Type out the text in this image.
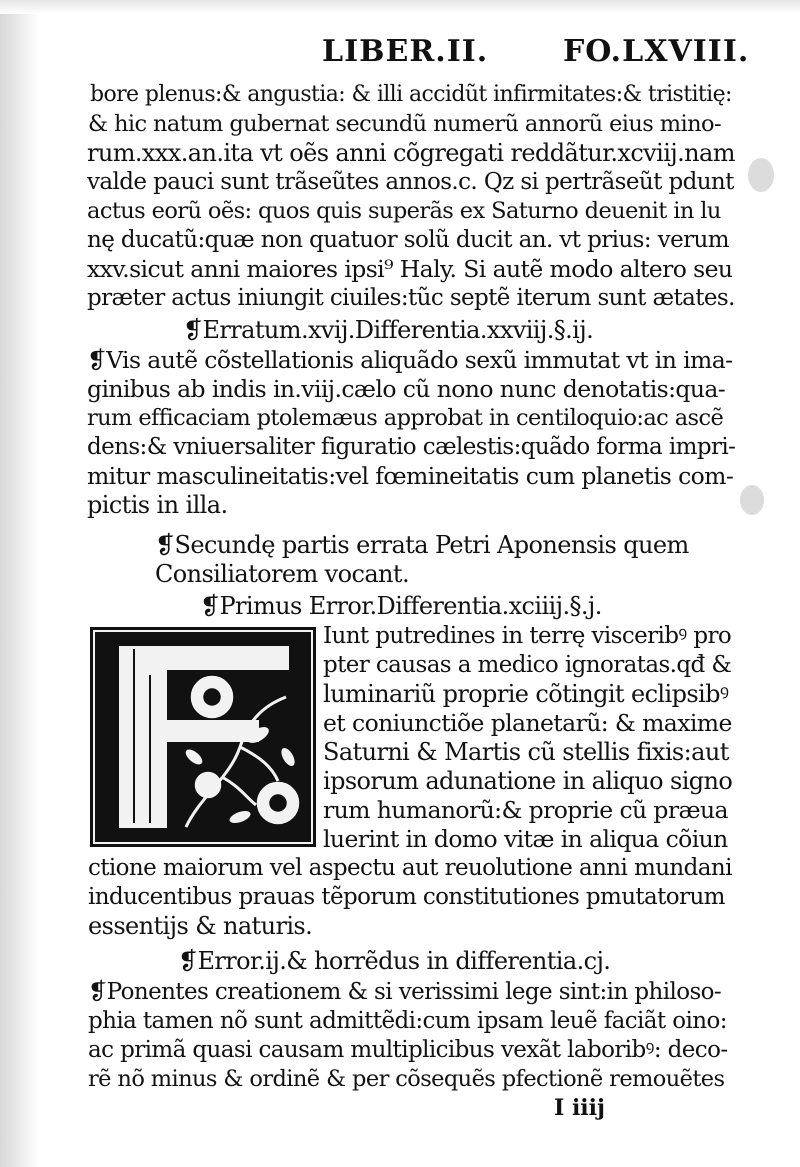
LIBER.II. FO.LXVIII.
bore plenus:& angustia: & illi accidũt infirmitates:& tristitię:
& hic natum gubernat secundũ numerũ annorũ eius mino-
rum.xxx.an.ita vt oẽs anni cõgregati reddãtur.xcviij.nam
valde pauci sunt trãseũtes annos.c. Qz si pertrãseũt pdunt
actus eorũ oẽs: quos quis superãs ex Saturno deuenit in lu
nę ducatũ:quæ non quatuor solũ ducit an. vt prius: verum
xxv.sicut anni maiores ipsi⁹ Haly. Si autẽ modo altero seu
præter actus iniungit ciuiles:tũc septẽ iterum sunt ætates.
❡Erratum.xvij.Differentia.xxviij.§.ij.
❡Vis autẽ cõstellationis aliquãdo sexũ immutat vt in ima-
ginibus ab indis in.viij.cælo cũ nono nunc denotatis:qua-
rum efficaciam ptolemæus approbat in centiloquio:ac ascẽ
dens:& vniuersaliter figuratio cælestis:quãdo forma impri-
mitur masculineitatis:vel fœmineitatis cum planetis com-
pictis in illa.
❡Secundę partis errata Petri Aponensis quem
Consiliatorem vocant.
❡Primus Error.Differentia.xciiij.§.j.
Iunt putredines in terrę visceribꝰ pro
pter causas a medico ignoratas.qđ &
luminariũ proprie cõtingit eclipsibꝰ
et coniunctiõe planetarũ: & maxime
Saturni & Martis cũ stellis fixis:aut
ipsorum adunatione in aliquo signo
rum humanorũ:& proprie cũ præua
luerint in domo vitæ in aliqua cõiun
ctione maiorum vel aspectu aut reuolutione anni mundani
inducentibus prauas tẽporum constitutiones pmutatorum
essentijs & naturis.
❡Error.ij.& horrẽdus in differentia.cj.
❡Ponentes creationem & si verissimi lege sint:in philoso-
phia tamen nõ sunt admittẽdi:cum ipsam leuẽ faciãt oino:
ac primã quasi causam multiplicibus vexãt laboribꝰ: deco-
rẽ nõ minus & ordinẽ & per cõsequẽs pfectionẽ remouẽtes
I iiij
